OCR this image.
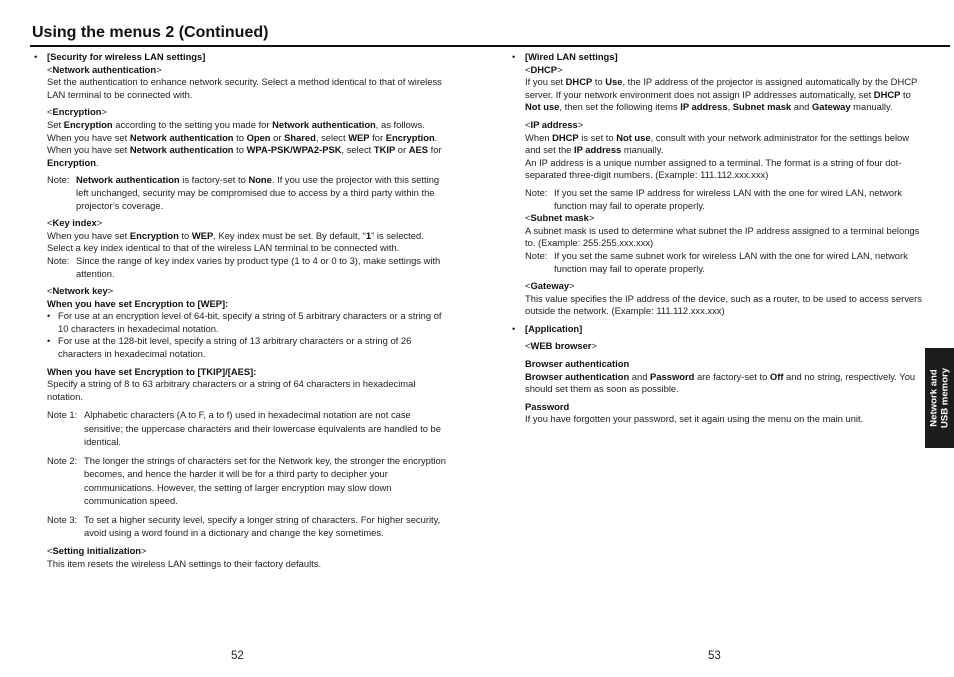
Using the menus 2 (Continued)
•	[Security for wireless LAN settings]

<Network authentication>

Set the authentication to enhance network security. Select a method identical to that of wireless LAN terminal to be connected with.

<Encryption>

Set Encryption according to the setting you made for Network authentication, as follows.

When you have set Network authentication to Open or Shared, select WEP for Encryption.

When you have set Network authentication to WPA-PSK/WPA2-PSK, select TKIP or AES for Encryption.

Note: Network authentication is factory-set to None. If you use the projector with this setting left unchanged, security may be compromised due to access by a third party within the projector’s coverage.

<Key index>

When you have set Encryption to WEP, Key index must be set. By default, “1” is selected. Select a key index identical to that of the wireless LAN terminal to be connected with.

Note: Since the range of key index varies by product type (1 to 4 or 0 to 3), make settings with attention.

<Network key>

When you have set Encryption to [WEP]:

• For use at an encryption level of 64-bit, specify a string of 5 arbitrary characters or a string of 10 characters in hexadecimal notation.
• For use at the 128-bit level, specify a string of 13 arbitrary characters or a string of 26 characters in hexadecimal notation.

When you have set Encryption to [TKIP]/[AES]:

Specify a string of 8 to 63 arbitrary characters or a string of 64 characters in hexadecimal notation.

Note 1: Alphabetic characters (A to F, a to f) used in hexadecimal notation are not case sensitive; the uppercase characters and their lowercase equivalents are handled to be identical.
Note 2: The longer the strings of characters set for the Network key, the stronger the encryption becomes, and hence the harder it will be for a third party to decipher your communications. However, the setting of larger encryption may slow down communication speed.
Note 3: To set a higher security level, specify a longer string of characters. For higher security, avoid using a word found in a dictionary and change the key sometimes.

<Setting initialization>

This item resets the wireless LAN settings to their factory defaults.

•	[Wired LAN settings]

<DHCP>

If you set DHCP to Use, the IP address of the projector is assigned automatically by the DHCP server. If your network environment does not assign IP addresses automatically, set DHCP to Not use, then set the following items IP address, Subnet mask and Gateway manually.

<IP address>

When DHCP is set to Not use, consult with your network administrator for the settings below and set the IP address manually.

An IP address is a unique number assigned to a terminal. The format is a string of four dot-separated three-digit numbers. (Example: 111.112.xxx.xxx)

Note: If you set the same IP address for wireless LAN with the one for wired LAN, network function may fail to operate properly.

<Subnet mask>

A subnet mask is used to determine what subnet the IP address assigned to a terminal belongs to. (Example: 255.255.xxx.xxx)

Note: If you set the same subnet work for wireless LAN with the one for wired LAN, network function may fail to operate properly.

<Gateway>

This value specifies the IP address of the device, such as a router, to be used to access servers outside the network. (Example: 111.112.xxx.xxx)

•	[Application]

<WEB browser>

Browser authentication

Browser authentication and Password are factory-set to Off and no string, respectively. You should set them as soon as possible.

Password

If you have forgotten your password, set it again using the menu on the main unit.	Network and USB memory
52	53
